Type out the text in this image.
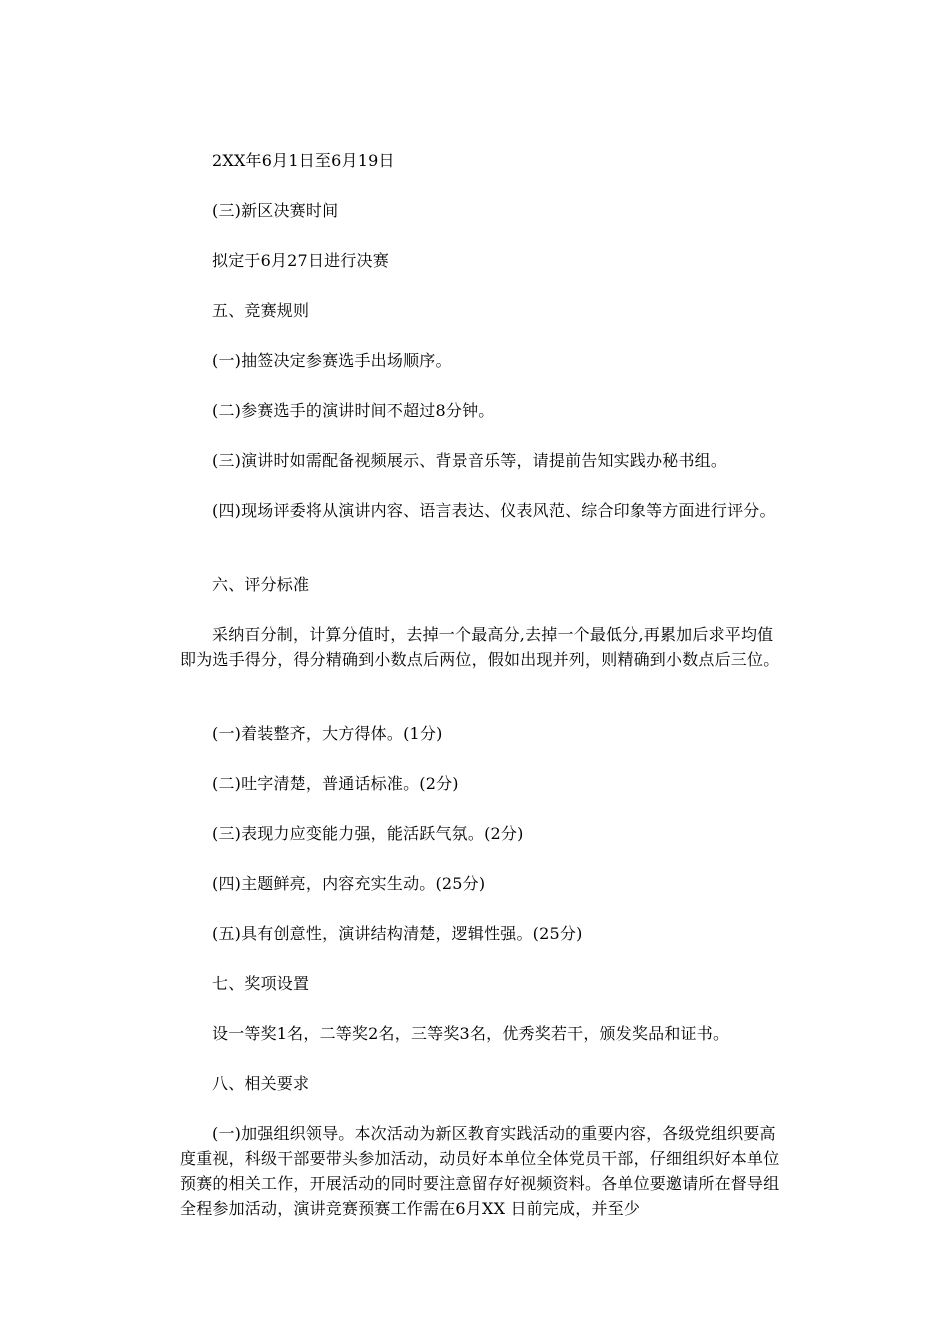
2XX年6月1日至6月19日

(三)新区决赛时间

拟定于6月27日进行决赛

五、竞赛规则

(一)抽签决定参赛选手出场顺序。

(二)参赛选手的演讲时间不超过8分钟。

(三)演讲时如需配备视频展示、背景音乐等，请提前告知实践办秘书组。

(四)现场评委将从演讲内容、语言表达、仪表风范、综合印象等方面进行评分。

六、评分标准

采纳百分制，计算分值时，去掉一个最高分,去掉一个最低分,再累加后求平均值即为选手得分，得分精确到小数点后两位，假如出现并列，则精确到小数点后三位。

(一)着装整齐，大方得体。(1分)

(二)吐字清楚，普通话标准。(2分)

(三)表现力应变能力强，能活跃气氛。(2分)

(四)主题鲜亮，内容充实生动。(25分)

(五)具有创意性，演讲结构清楚，逻辑性强。(25分)

七、奖项设置

设一等奖1名，二等奖2名，三等奖3名，优秀奖若干，颁发奖品和证书。

八、相关要求

(一)加强组织领导。本次活动为新区教育实践活动的重要内容，各级党组织要高度重视，科级干部要带头参加活动，动员好本单位全体党员干部，仔细组织好本单位预赛的相关工作，开展活动的同时要注意留存好视频资料。各单位要邀请所在督导组全程参加活动，演讲竞赛预赛工作需在6月XX 日前完成，并至少
